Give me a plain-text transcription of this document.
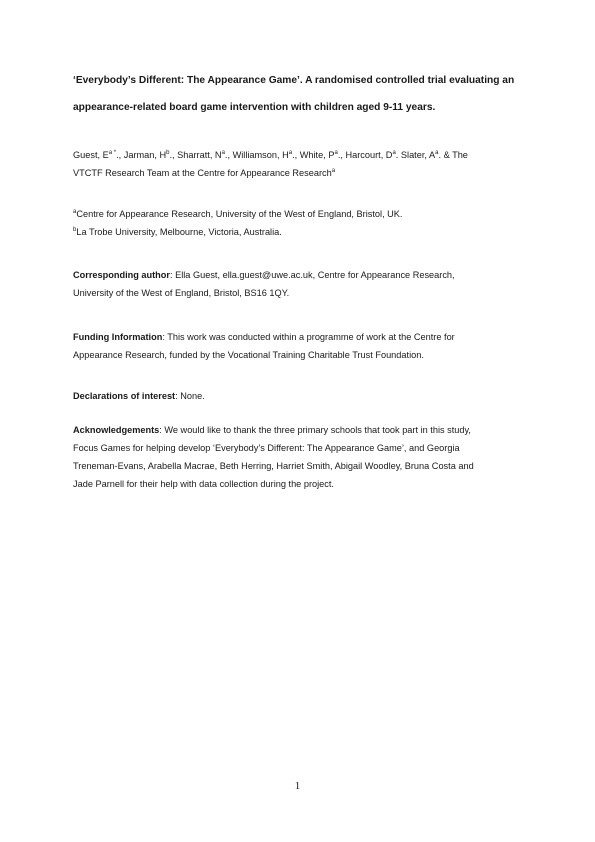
‘Everybody’s Different: The Appearance Game’. A randomised controlled trial evaluating an
appearance-related board game intervention with children aged 9-11 years.
Guest, $E^{a *}$., Jarman, $H^b$., Sharratt, $N^a$., Williamson, $H^a$., White, $P^a$., Harcourt, $D^a$. Slater, $A^a$. & The
VTCTF Research Team at the Centre for Appearance Research$^a$
$^a$Centre for Appearance Research, University of the West of England, Bristol, UK.
$^b$La Trobe University, Melbourne, Victoria, Australia.
Corresponding author: Ella Guest, ella.guest@uwe.ac.uk, Centre for Appearance Research,
University of the West of England, Bristol, BS16 1QY.
Funding Information: This work was conducted within a programme of work at the Centre for
Appearance Research, funded by the Vocational Training Charitable Trust Foundation.
Declarations of interest: None.
Acknowledgements: We would like to thank the three primary schools that took part in this study,
Focus Games for helping develop ‘Everybody’s Different: The Appearance Game’, and Georgia
Treneman-Evans, Arabella Macrae, Beth Herring, Harriet Smith, Abigail Woodley, Bruna Costa and
Jade Parnell for their help with data collection during the project.
1
